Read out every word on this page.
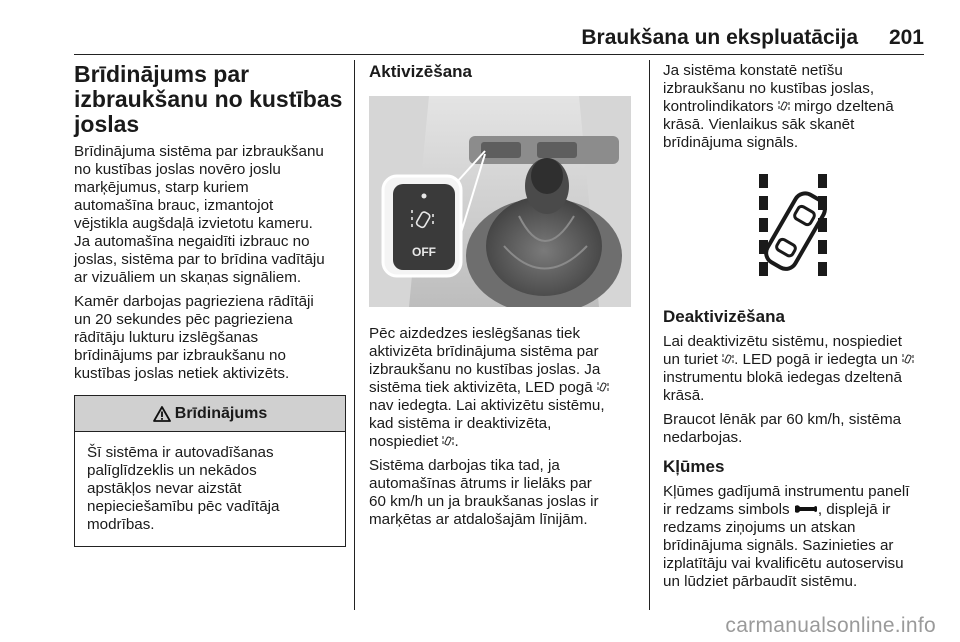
Braukšana un ekspluatācija 201
Brīdinājums par izbraukšanu no kustības joslas
Brīdinājuma sistēma par izbraukšanu
no kustības joslas novēro joslu
marķējumus, starp kuriem
automašīna brauc, izmantojot
vējstikla augšdaļā izvietotu kameru.
Ja automašīna negaidīti izbrauc no
joslas, sistēma par to brīdina vadītāju
ar vizuāliem un skaņas signāliem.
Kamēr darbojas pagrieziena rādītāji
un 20 sekundes pēc pagrieziena
rādītāju lukturu izslēgšanas
brīdinājums par izbraukšanu no
kustības joslas netiek aktivizēts.
Brīdinājums
Šī sistēma ir autovadīšanas
palīglīdzeklis un nekādos
apstākļos nevar aizstāt
nepieciešamību pēc vadītāja
modrības.
Aktivizēšana
OFF
Pēc aizdedzes ieslēgšanas tiek
aktivizēta brīdinājuma sistēma par
izbraukšanu no kustības joslas. Ja
sistēma tiek aktivizēta, LED pogā
nav iedegta. Lai aktivizētu sistēmu,
kad sistēma ir deaktivizēta,
nospiediet .
Sistēma darbojas tika tad, ja
automašīnas ātrums ir lielāks par
60 km/h un ja braukšanas joslas ir
marķētas ar atdalošajām līnijām.
Ja sistēma konstatē netīšu
izbraukšanu no kustības joslas,
kontrolindikators  mirgo dzeltenā
krāsā. Vienlaikus sāk skanēt
brīdinājuma signāls.
Deaktivizēšana
Lai deaktivizētu sistēmu, nospiediet
un turiet . LED pogā ir iedegta un
instrumentu blokā iedegas dzeltenā
krāsā.
Braucot lēnāk par 60 km/h, sistēma
nedarbojas.
Kļūmes
Kļūmes gadījumā instrumentu panelī
ir redzams simbols , displejā ir
redzams ziņojums un atskan
brīdinājuma signāls. Sazinieties ar
izplatītāju vai kvalificētu autoservisu
un lūdziet pārbaudīt sistēmu.
carmanualsonline.info
